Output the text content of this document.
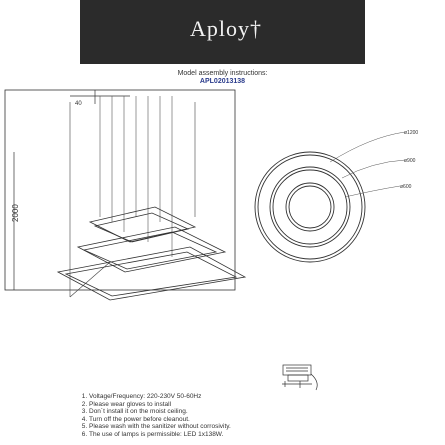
Aploy†
Model assembly instructions:
APL02013138
40
2000
ø1200
ø900
ø600
1. Voltage/Frequency: 220-230V 50-60Hz
2. Please wear gloves to install
3. Don´t install it on the moist ceiling.
4. Turn off the power before cleanout.
5. Please wash with the sanitizer without corrosivity.
6. The use of lamps is permissible: LED 1x138W.
